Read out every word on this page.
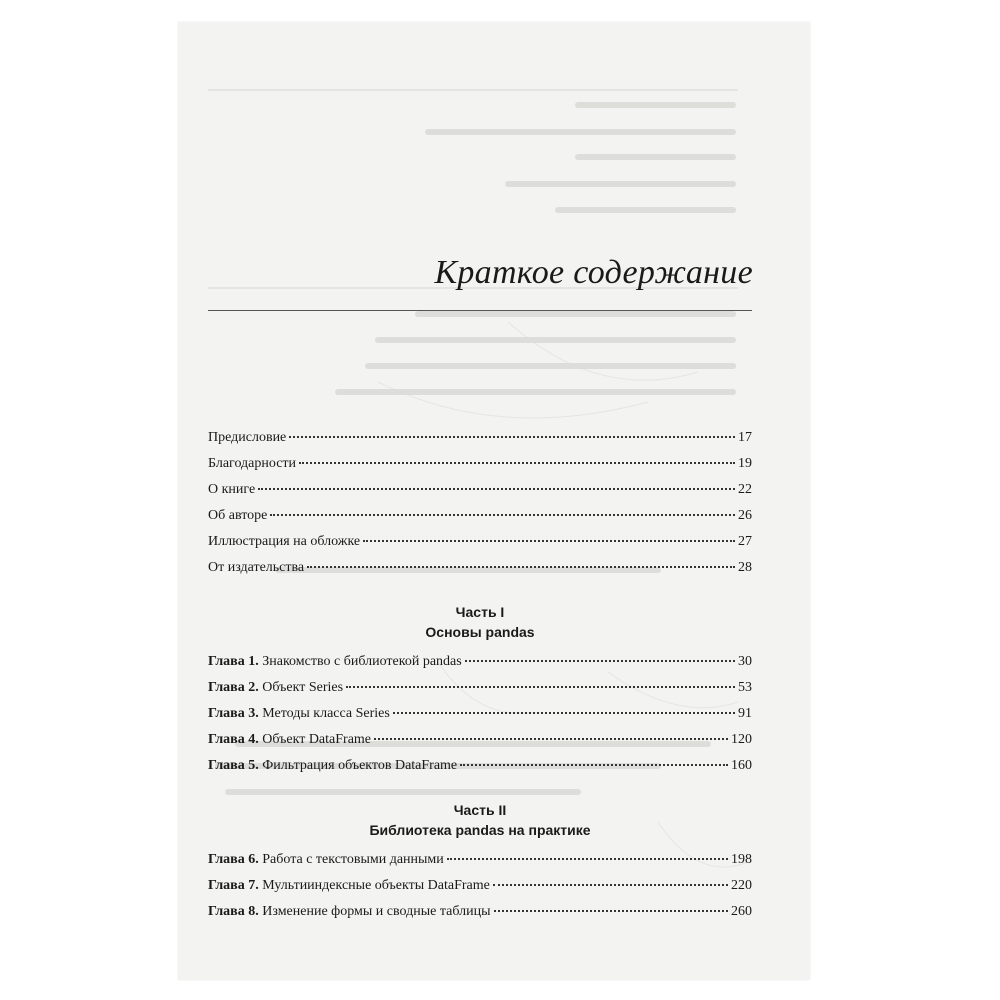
Краткое содержание
Предисловие	17
Благодарности	19
О книге	22
Об авторе	26
Иллюстрация на обложке	27
От издательства	28
Часть I
Основы pandas
Глава 1. Знакомство с библиотекой pandas	30
Глава 2. Объект Series	53
Глава 3. Методы класса Series	91
Глава 4. Объект DataFrame	120
Глава 5. Фильтрация объектов DataFrame	160
Часть II
Библиотека pandas на практике
Глава 6. Работа с текстовыми данными	198
Глава 7. Мультииндексные объекты DataFrame	220
Глава 8. Изменение формы и сводные таблицы	260
